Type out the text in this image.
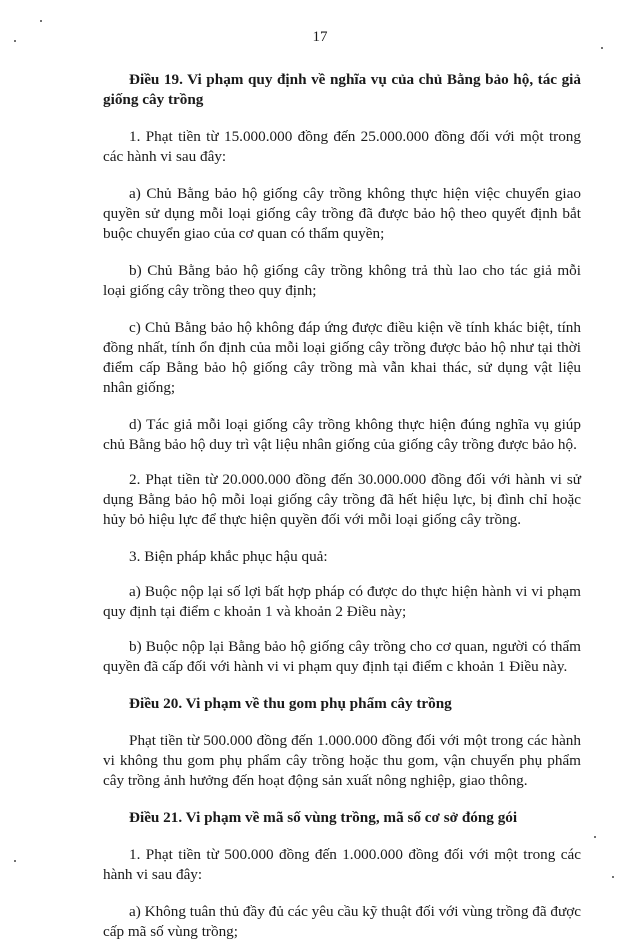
17

Điều 19. Vi phạm quy định về nghĩa vụ của chủ Bằng bảo hộ, tác giả giống cây trồng

1. Phạt tiền từ 15.000.000 đồng đến 25.000.000 đồng đối với một trong các hành vi sau đây:

a) Chủ Bằng bảo hộ giống cây trồng không thực hiện việc chuyển giao quyền sử dụng mỗi loại giống cây trồng đã được bảo hộ theo quyết định bắt buộc chuyển giao của cơ quan có thẩm quyền;

b) Chủ Bằng bảo hộ giống cây trồng không trả thù lao cho tác giả mỗi loại giống cây trồng theo quy định;

c) Chủ Bằng bảo hộ không đáp ứng được điều kiện về tính khác biệt, tính đồng nhất, tính ổn định của mỗi loại giống cây trồng được bảo hộ như tại thời điểm cấp Bằng bảo hộ giống cây trồng mà vẫn khai thác, sử dụng vật liệu nhân giống;

d) Tác giả mỗi loại giống cây trồng không thực hiện đúng nghĩa vụ giúp chủ Bằng bảo hộ duy trì vật liệu nhân giống của giống cây trồng được bảo hộ.

2. Phạt tiền từ 20.000.000 đồng đến 30.000.000 đồng đối với hành vi sử dụng Bằng bảo hộ mỗi loại giống cây trồng đã hết hiệu lực, bị đình chỉ hoặc hủy bỏ hiệu lực để thực hiện quyền đối với mỗi loại giống cây trồng.

3. Biện pháp khắc phục hậu quả:

a) Buộc nộp lại số lợi bất hợp pháp có được do thực hiện hành vi vi phạm quy định tại điểm c khoản 1 và khoản 2 Điều này;

b) Buộc nộp lại Bằng bảo hộ giống cây trồng cho cơ quan, người có thẩm quyền đã cấp đối với hành vi vi phạm quy định tại điểm c khoản 1 Điều này.

Điều 20. Vi phạm về thu gom phụ phẩm cây trồng

Phạt tiền từ 500.000 đồng đến 1.000.000 đồng đối với một trong các hành vi không thu gom phụ phẩm cây trồng hoặc thu gom, vận chuyển phụ phẩm cây trồng ảnh hưởng đến hoạt động sản xuất nông nghiệp, giao thông.

Điều 21. Vi phạm về mã số vùng trồng, mã số cơ sở đóng gói

1. Phạt tiền từ 500.000 đồng đến 1.000.000 đồng đối với một trong các hành vi sau đây:

a) Không tuân thủ đầy đủ các yêu cầu kỹ thuật đối với vùng trồng đã được cấp mã số vùng trồng;
